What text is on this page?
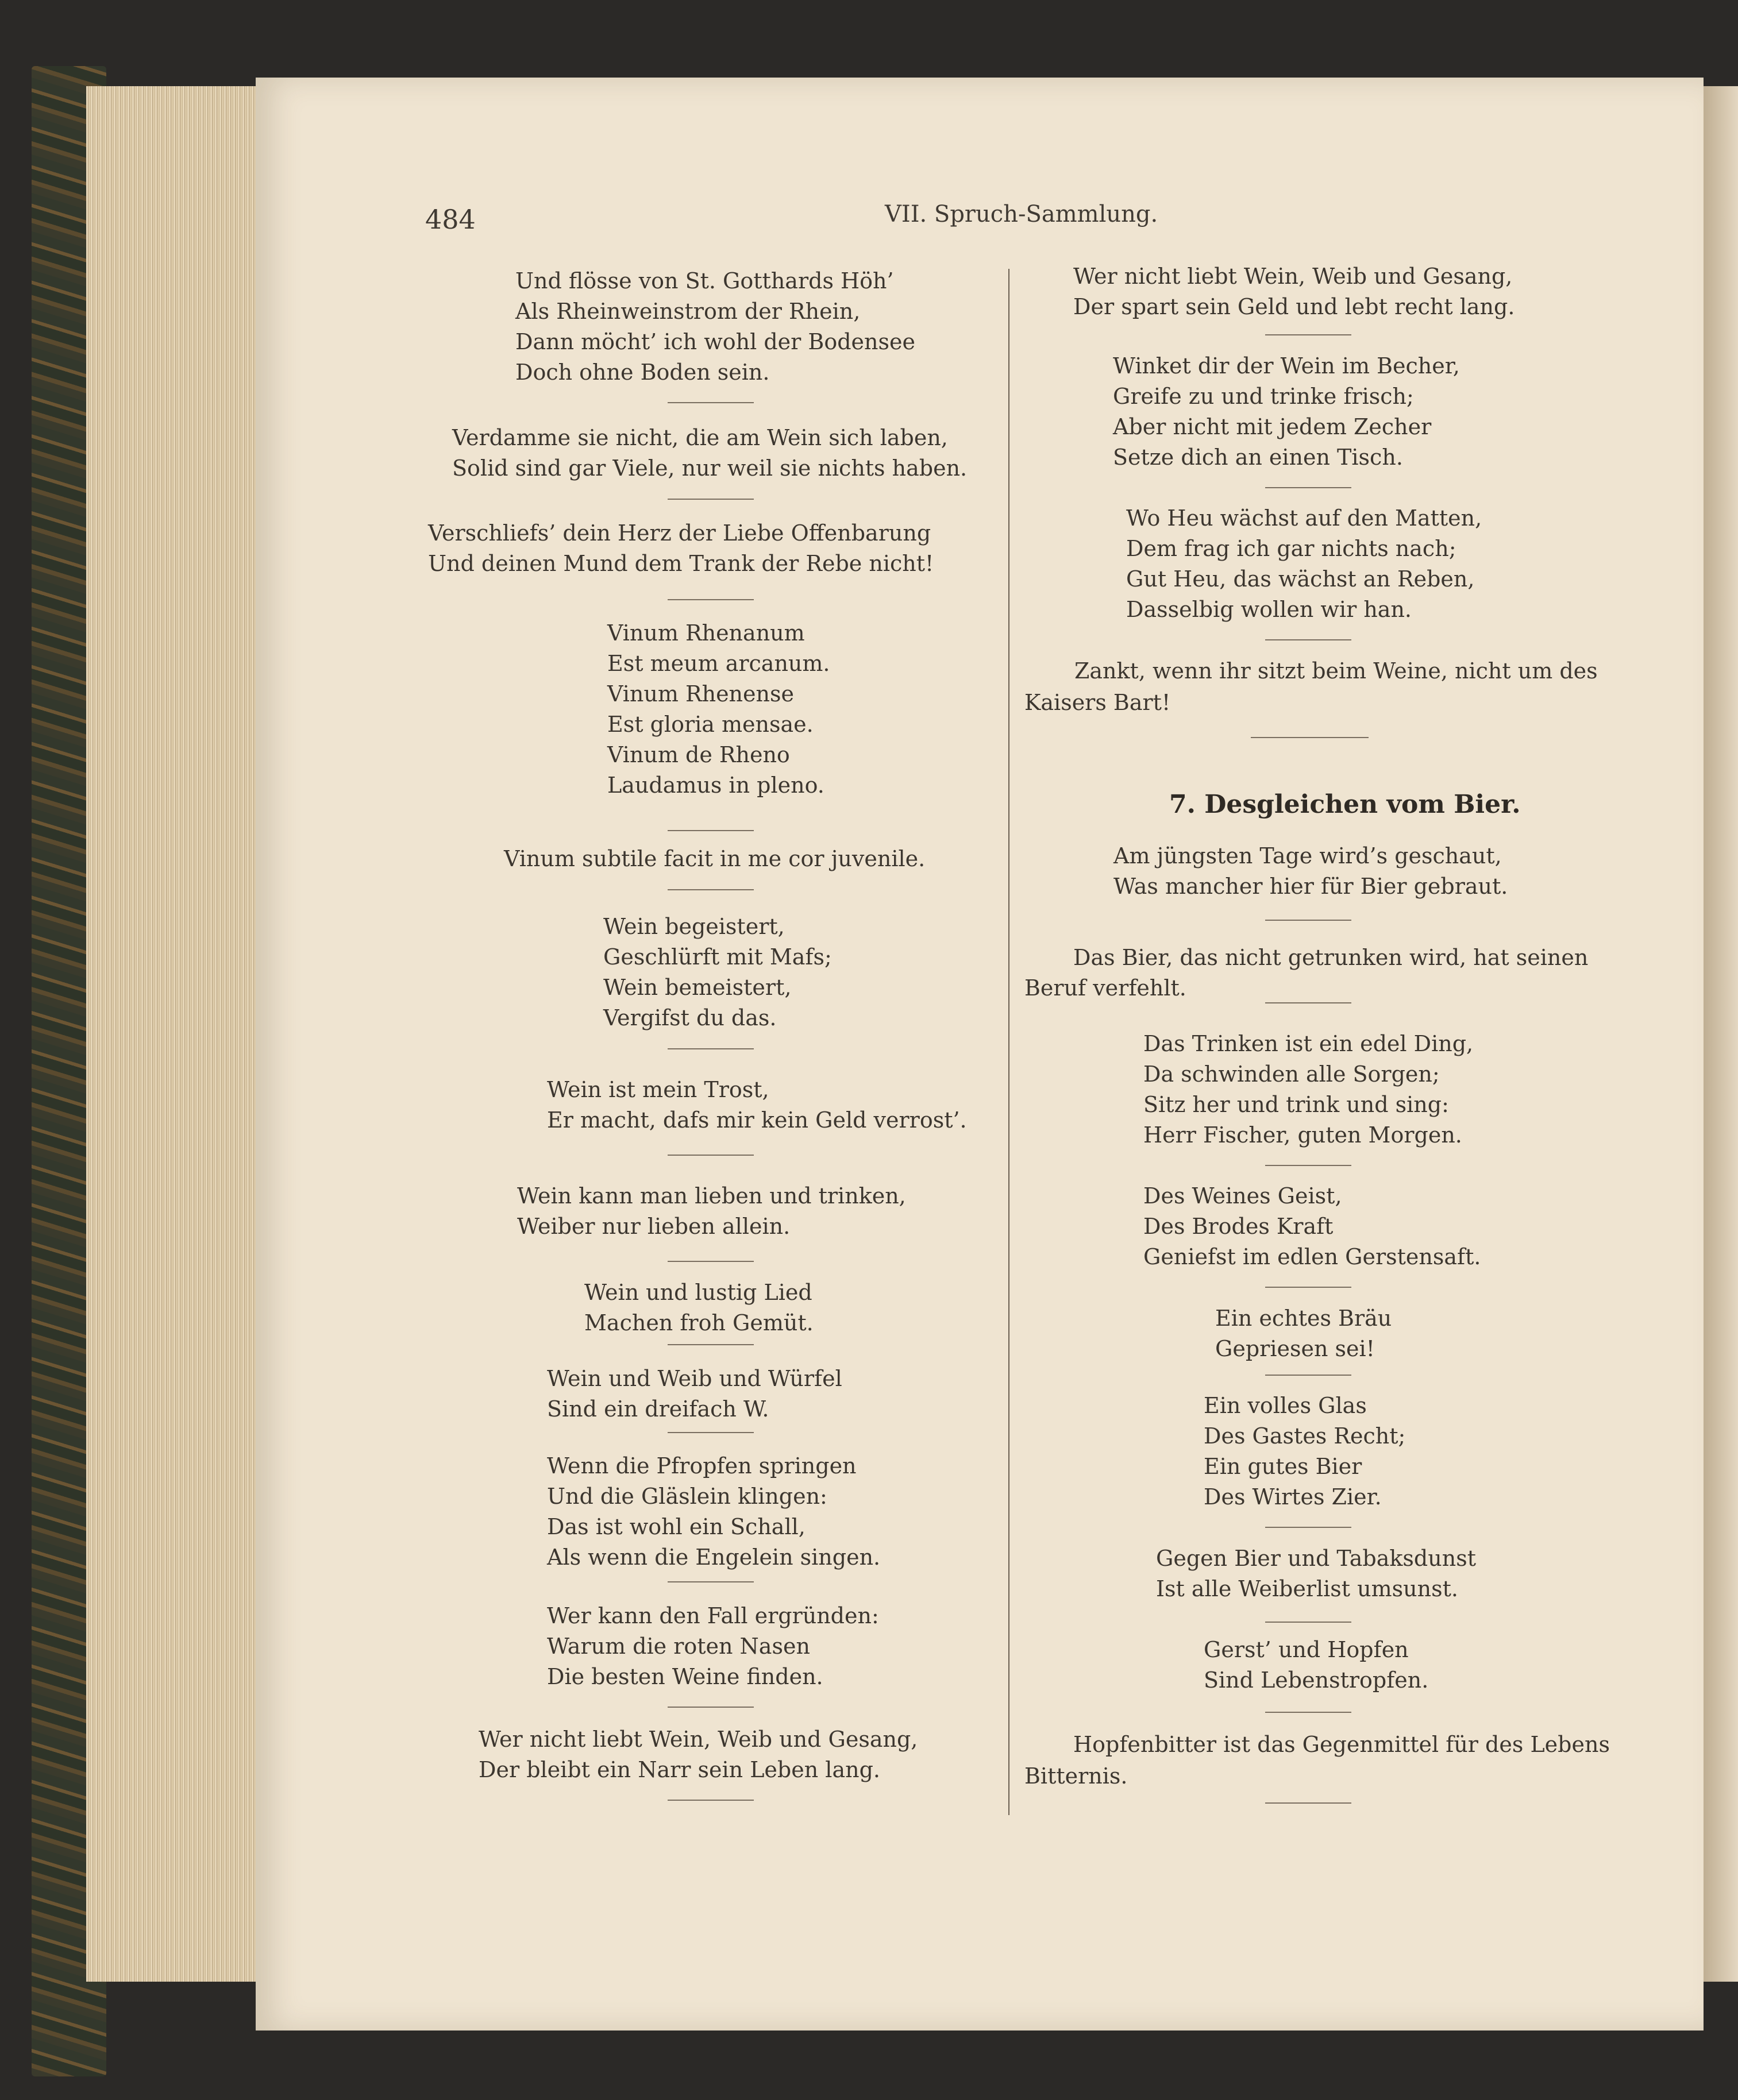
484	VII. Spruch-Sammlung.
Und flösse von St. Gotthards Höh’
Als Rheinweinstrom der Rhein,
Dann möcht’ ich wohl der Bodensee
Doch ohne Boden sein.
Verdamme sie nicht, die am Wein sich laben,
Solid sind gar Viele, nur weil sie nichts haben.
Verschliefs’ dein Herz der Liebe Offenbarung
Und deinen Mund dem Trank der Rebe nicht!
Vinum Rhenanum
Est meum arcanum.
Vinum Rhenense
Est gloria mensae.
Vinum de Rheno
Laudamus in pleno.
Vinum subtile facit in me cor juvenile.
Wein begeistert,
Geschlürft mit Mafs;
Wein bemeistert,
Vergifst du das.
Wein ist mein Trost,
Er macht, dafs mir kein Geld verrost’.
Wein kann man lieben und trinken,
Weiber nur lieben allein.
Wein und lustig Lied
Machen froh Gemüt.
Wein und Weib und Würfel
Sind ein dreifach W.
Wenn die Pfropfen springen
Und die Gläslein klingen:
Das ist wohl ein Schall,
Als wenn die Engelein singen.
Wer kann den Fall ergründen:
Warum die roten Nasen
Die besten Weine finden.
Wer nicht liebt Wein, Weib und Gesang,
Der bleibt ein Narr sein Leben lang.
Wer nicht liebt Wein, Weib und Gesang,
Der spart sein Geld und lebt recht lang.
Winket dir der Wein im Becher,
Greife zu und trinke frisch;
Aber nicht mit jedem Zecher
Setze dich an einen Tisch.
Wo Heu wächst auf den Matten,
Dem frag ich gar nichts nach;
Gut Heu, das wächst an Reben,
Dasselbig wollen wir han.
Zankt, wenn ihr sitzt beim Weine, nicht um des
Kaisers Bart!
7. Desgleichen vom Bier.
Am jüngsten Tage wird’s geschaut,
Was mancher hier für Bier gebraut.
Das Bier, das nicht getrunken wird, hat seinen
Beruf verfehlt.
Das Trinken ist ein edel Ding,
Da schwinden alle Sorgen;
Sitz her und trink und sing:
Herr Fischer, guten Morgen.
Des Weines Geist,
Des Brodes Kraft
Geniefst im edlen Gerstensaft.
Ein echtes Bräu
Gepriesen sei!
Ein volles Glas
Des Gastes Recht;
Ein gutes Bier
Des Wirtes Zier.
Gegen Bier und Tabaksdunst
Ist alle Weiberlist umsunst.
Gerst’ und Hopfen
Sind Lebenstropfen.
Hopfenbitter ist das Gegenmittel für des Lebens
Bitternis.
